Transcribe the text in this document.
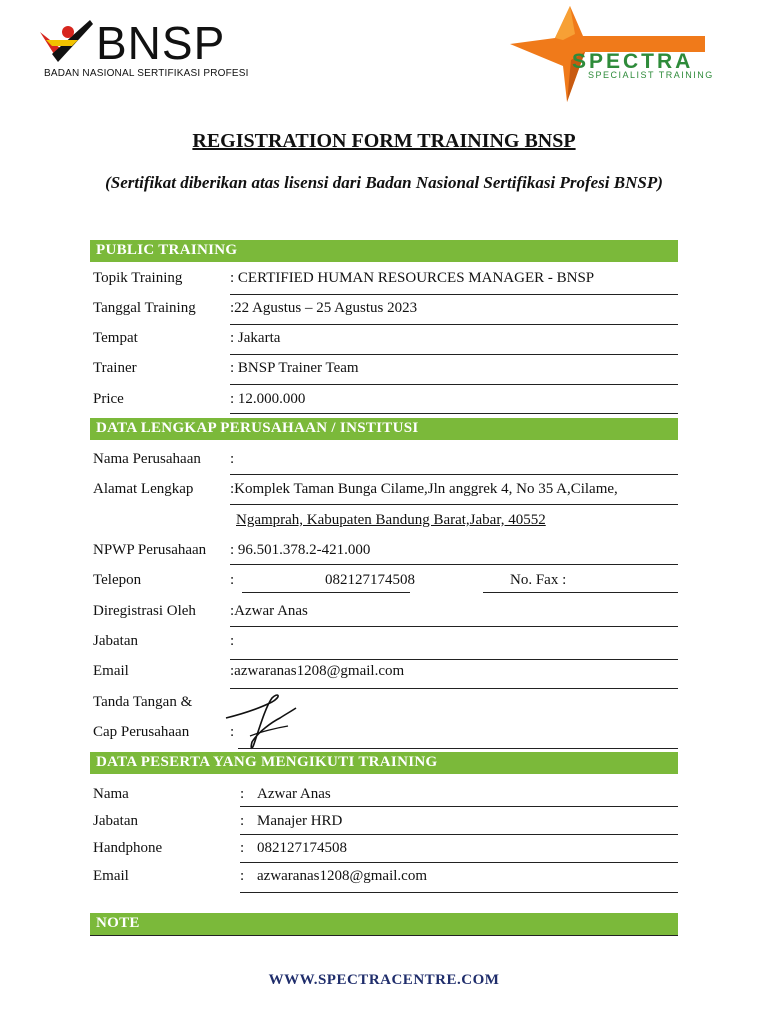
BNSP
BADAN NASIONAL SERTIFIKASI PROFESI
SPECTRA
SPECIALIST TRAINING
REGISTRATION FORM TRAINING BNSP
(Sertifikat diberikan atas lisensi dari Badan Nasional Sertifikasi Profesi BNSP)
PUBLIC TRAINING
Topik Training	: CERTIFIED HUMAN RESOURCES MANAGER - BNSP
Tanggal Training :22 Agustus – 25 Agustus 2023
Tempat	: Jakarta
Trainer	: BNSP Trainer Team
Price	: 12.000.000
DATA LENGKAP PERUSAHAAN / INSTITUSI
Nama Perusahaan :
Alamat Lengkap :Komplek Taman Bunga Cilame,Jln anggrek 4, No 35 A,Cilame,
Ngamprah, Kabupaten Bandung Barat,Jabar, 40552
NPWP Perusahaan : 96.501.378.2-421.000
Telepon	:	082127174508	No. Fax :
Diregistrasi Oleh :Azwar Anas
Jabatan	:
Email	:azwaranas1208@gmail.com
Tanda Tangan &
Cap Perusahaan	:
DATA PESERTA YANG MENGIKUTI TRAINING
Nama	: Azwar Anas
Jabatan	: Manajer HRD
Handphone	: 082127174508
Email	: azwaranas1208@gmail.com
NOTE
WWW.SPECTRACENTRE.COM
